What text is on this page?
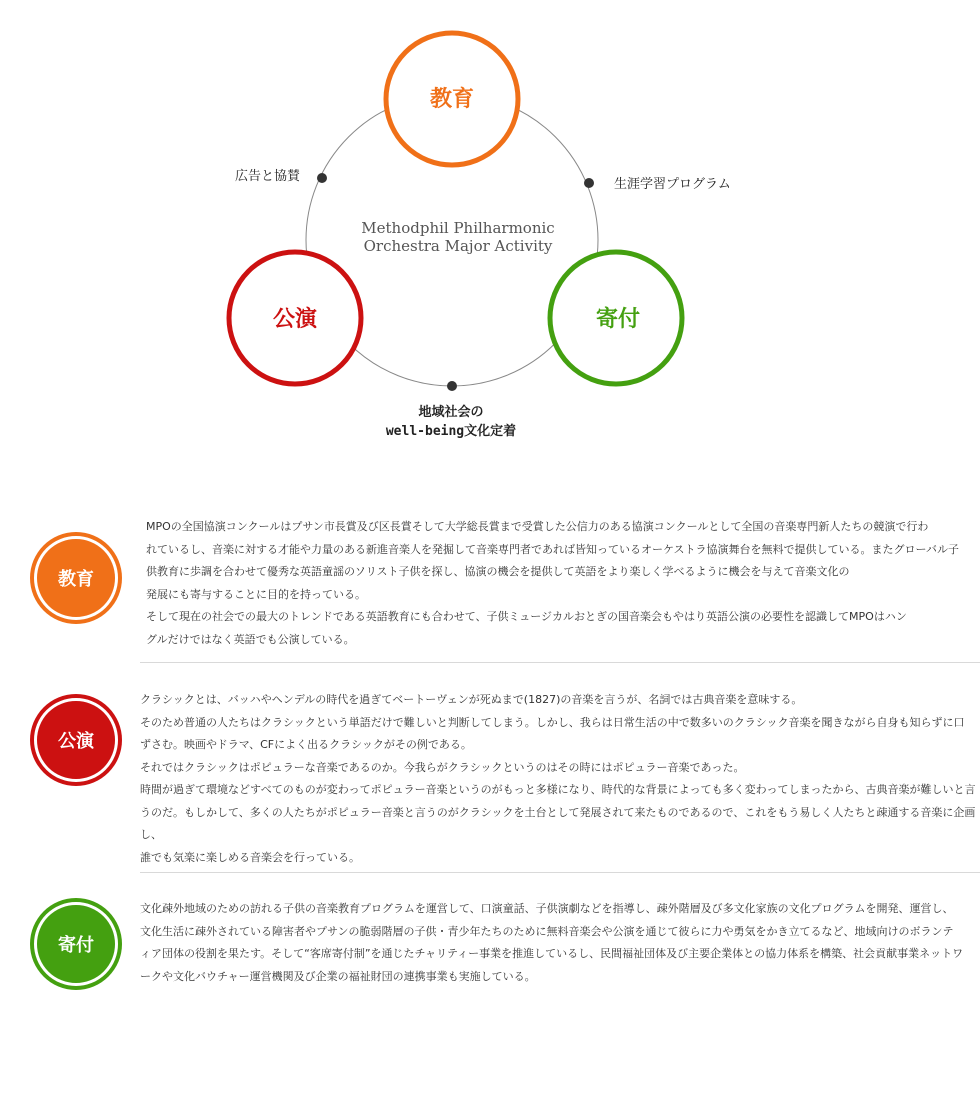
教育
公演	寄付
広告と協賛
生涯学習プログラム
Methodphil Philharmonic
Orchestra Major Activity
地域社会の
well-being文化定着
教育

MPOの全国協演コンクールはプサン市長賞及び区長賞そして大学総長賞まで受賞した公信力のある協演コンクールとして全国の音楽専門新人たちの競演で行わ

れているし、音楽に対する才能や力量のある新進音楽人を発掘して音楽専門者であれば皆知っているオーケストラ協演舞台を無料で提供している。またグローバル子

供教育に歩調を合わせて優秀な英語童謡のソリスト子供を探し、協演の機会を提供して英語をより楽しく学べるように機会を与えて音楽文化の

発展にも寄与することに目的を持っている。

そして現在の社会での最大のトレンドである英語教育にも合わせて、子供ミュージカルおとぎの国音楽会もやはり英語公演の必要性を認識してMPOはハン

グルだけではなく英語でも公演している。

公演

クラシックとは、バッハやヘンデルの時代を過ぎてベートーヴェンが死ぬまで(1827)の音楽を言うが、名詞では古典音楽を意味する。

そのため普通の人たちはクラシックという単語だけで難しいと判断してしまう。しかし、我らは日常生活の中で数多いのクラシック音楽を聞きながら自身も知らずに口

ずさむ。映画やドラマ、CFによく出るクラシックがその例である。

それではクラシックはポピュラーな音楽であるのか。今我らがクラシックというのはその時にはポピュラー音楽であった。

時間が過ぎて環境などすべてのものが変わってポピュラー音楽というのがもっと多様になり、時代的な背景によっても多く変わってしまったから、古典音楽が難しいと言

うのだ。もしかして、多くの人たちがポピュラー音楽と言うのがクラシックを土台として発展されて来たものであるので、これをもう易しく人たちと疎通する音楽に企画し、

誰でも気楽に楽しめる音楽会を行っている。

寄付

文化疎外地域のための訪れる子供の音楽教育プログラムを運営して、口演童話、子供演劇などを指導し、疎外階層及び多文化家族の文化プログラムを開発、運営し、

文化生活に疎外されている障害者やプサンの脆弱階層の子供・青少年たちのために無料音楽会や公演を通じて彼らに力や勇気をかき立てるなど、地域向けのボランテ

ィア団体の役割を果たす。そして“客席寄付制”を通じたチャリティー事業を推進しているし、民間福祉団体及び主要企業体との協力体系を構築、社会貢献事業ネットワ

ークや文化バウチャー運営機関及び企業の福祉財団の連携事業も実施している。
